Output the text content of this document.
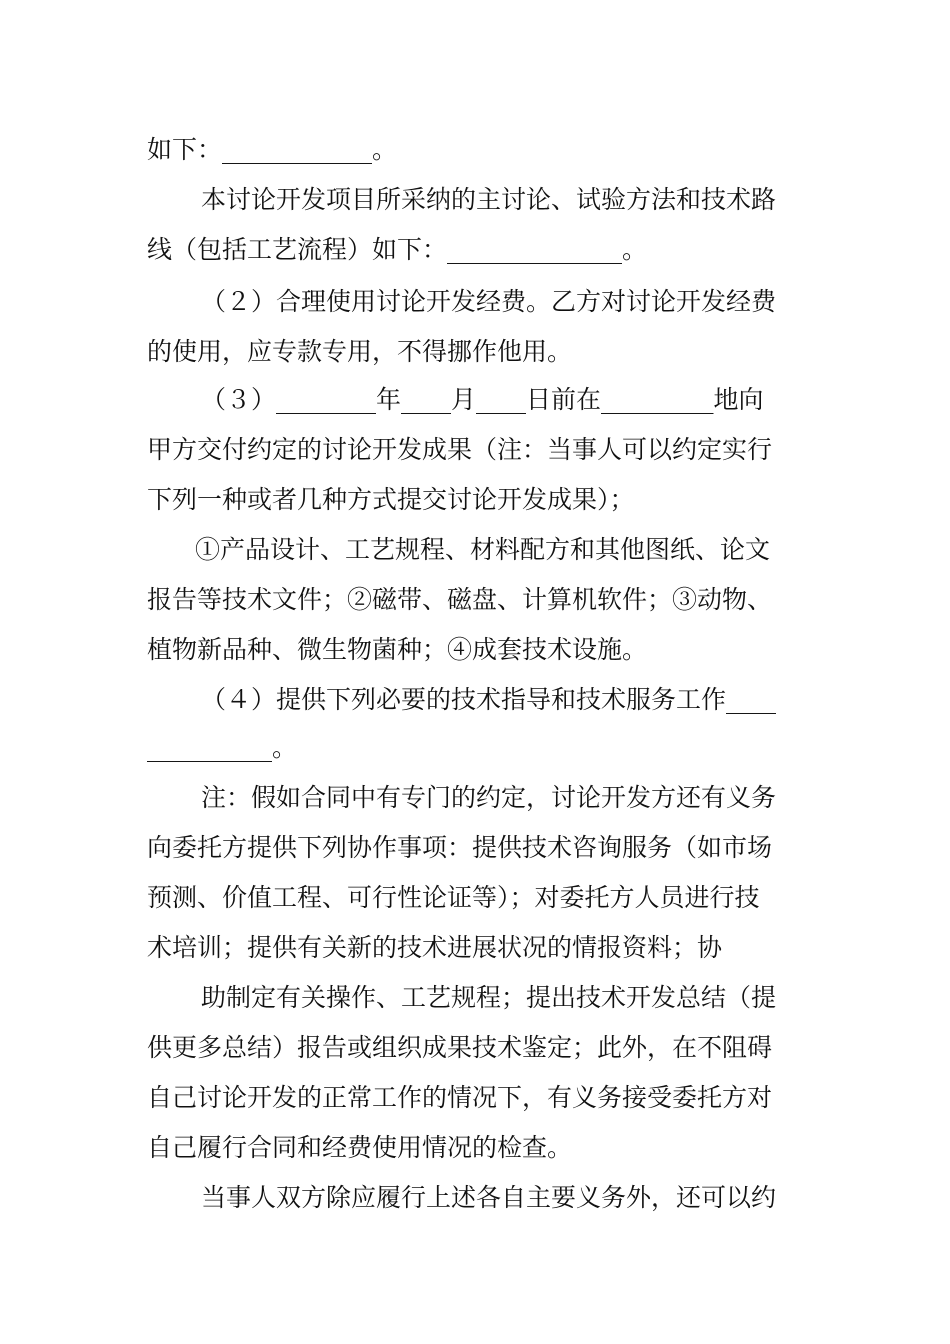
如下：____________。
本讨论开发项目所采纳的主讨论、试验方法和技术路
线（包括工艺流程）如下：______________。
（２）合理使用讨论开发经费。乙方对讨论开发经费
的使用，应专款专用，不得挪作他用。
（３）________年____月____日前在_________地向
甲方交付约定的讨论开发成果（注：当事人可以约定实行
下列一种或者几种方式提交讨论开发成果）；
①产品设计、工艺规程、材料配方和其他图纸、论文
报告等技术文件；②磁带、磁盘、计算机软件；③动物、
植物新品种、微生物菌种；④成套技术设施。
（４）提供下列必要的技术指导和技术服务工作____
__________。
注：假如合同中有专门的约定，讨论开发方还有义务
向委托方提供下列协作事项：提供技术咨询服务（如市场
预测、价值工程、可行性论证等）；对委托方人员进行技
术培训；提供有关新的技术进展状况的情报资料；协
助制定有关操作、工艺规程；提出技术开发总结（提
供更多总结）报告或组织成果技术鉴定；此外，在不阻碍
自己讨论开发的正常工作的情况下，有义务接受委托方对
自己履行合同和经费使用情况的检查。
当事人双方除应履行上述各自主要义务外，还可以约
